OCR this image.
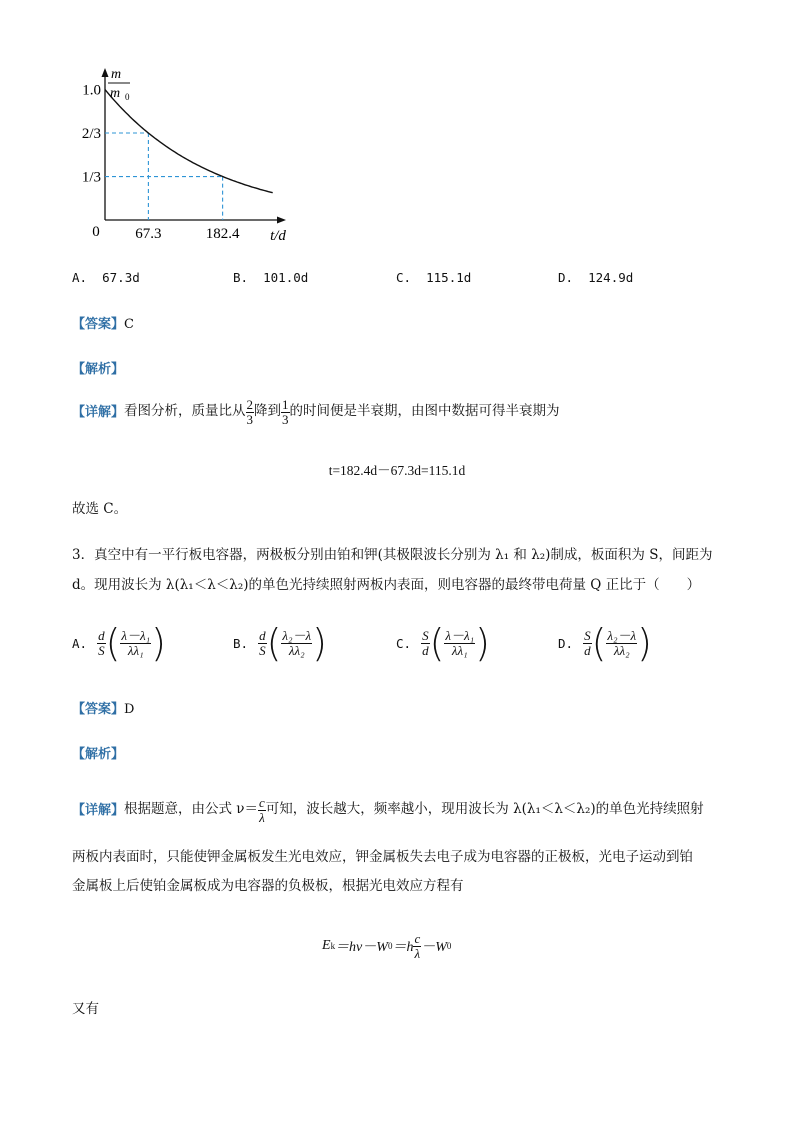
m
m 0
1.0
2/3
1/3
67.3	182.4
0	t/d
A. 67.3d	B. 101.0d	C. 115.1d	D. 124.9d
【答案】C
【解析】
【详解】 看图分析，质量比从 $\frac{2}{3}$ 降到 $\frac{1}{3}$ 的时间便是半衰期，由图中数据可得半衰期为
t=182.4d－67.3d=115.1d
故选 C。
3．真空中有一平行板电容器，两极板分别由铂和钾(其极限波长分别为 λ₁ 和 λ₂)制成，板面积为 S，间距为
d。现用波长为 λ(λ₁＜λ＜λ₂)的单色光持续照射两板内表面，则电容器的最终带电荷量 Q 正比于（　　）
A. $\frac{d}{S}$ ( $\frac{\text{λ－λ₁}}{\text{λλ₁}}$ )	B. $\frac{d}{S}$ ( $\frac{\text{λ₂－λ}}{\text{λλ₂}}$ )	C. $\frac{S}{d}$ ( $\frac{\text{λ－λ₁}}{\text{λλ₁}}$ )	D. $\frac{S}{d}$ ( $\frac{\text{λ₂－λ}}{\text{λλ₂}}$ )
【答案】D
【解析】
【详解】 根据题意，由公式 $\nu= \frac{c}{\lambda}$ 可知，波长越大，频率越小，现用波长为 λ(λ₁＜λ＜λ₂)的单色光持续照射
两板内表面时，只能使钾金属板发生光电效应，钾金属板失去电子成为电容器的正极板，光电子运动到铂
金属板上后使铂金属板成为电容器的负极板，根据光电效应方程有
E k ＝hν－W $0 =h \frac{c}{\lambda} -W$ 0
又有
